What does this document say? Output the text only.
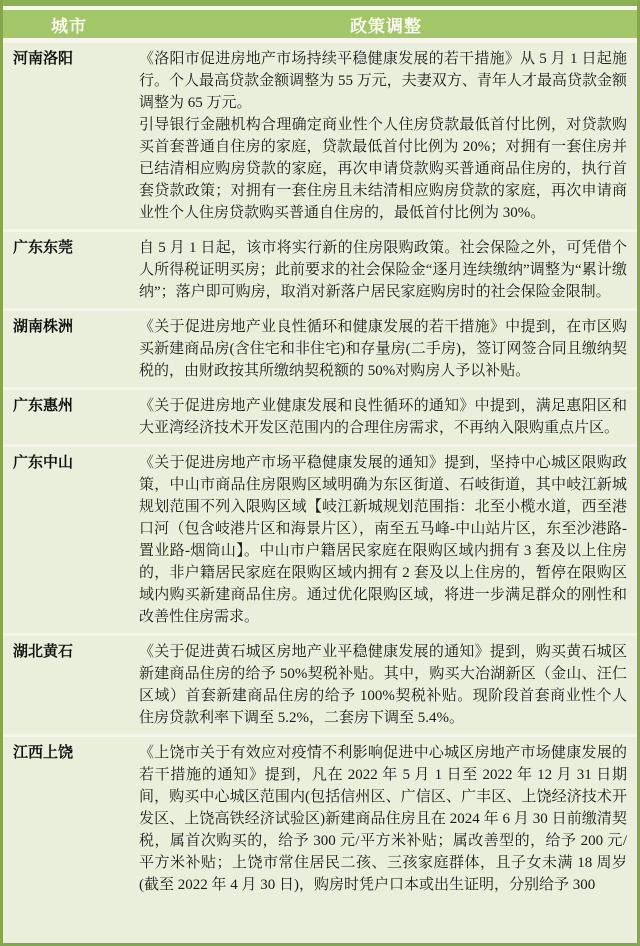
城市	政策调整
河南洛阳	《洛阳市促进房地产市场持续平稳健康发展的若干措施》从 5 月 1 日起施行。个人最高贷款金额调整为 55 万元，夫妻双方、青年人才最高贷款金额调整为 65 万元。

引导银行金融机构合理确定商业性个人住房贷款最低首付比例，对贷款购买首套普通自住房的家庭，贷款最低首付比例为 20%；对拥有一套住房并已结清相应购房贷款的家庭，再次申请贷款购买普通商品住房的，执行首套贷款政策；对拥有一套住房且未结清相应购房贷款的家庭，再次申请商业性个人住房贷款购买普通自住房的，最低首付比例为 30%。

广东东莞	自 5 月 1 日起，该市将实行新的住房限购政策。社会保险之外，可凭借个人所得税证明买房；此前要求的社会保险金“逐月连续缴纳”调整为“累计缴纳”；落户即可购房，取消对新落户居民家庭购房时的社会保险金限制。

湖南株洲	《关于促进房地产业良性循环和健康发展的若干措施》中提到，在市区购买新建商品房(含住宅和非住宅)和存量房(二手房)，签订网签合同且缴纳契税的，由财政按其所缴纳契税额的 50%对购房人予以补贴。

广东惠州	《关于促进房地产业健康发展和良性循环的通知》中提到，满足惠阳区和大亚湾经济技术开发区范围内的合理住房需求，不再纳入限购重点片区。

广东中山	《关于促进房地产市场平稳健康发展的通知》提到，坚持中心城区限购政策，中山市商品住房限购区域明确为东区街道、石岐街道，其中岐江新城规划范围不列入限购区域【岐江新城规划范围指：北至小榄水道，西至港口河（包含岐港片区和海景片区），南至五马峰-中山站片区，东至沙港路-置业路-烟筒山】。中山市户籍居民家庭在限购区域内拥有 3 套及以上住房的，非户籍居民家庭在限购区域内拥有 2 套及以上住房的，暂停在限购区域内购买新建商品住房。通过优化限购区域，将进一步满足群众的刚性和改善性住房需求。

湖北黄石	《关于促进黄石城区房地产业平稳健康发展的通知》提到，购买黄石城区新建商品住房的给予 50%契税补贴。其中，购买大冶湖新区（金山、汪仁区域）首套新建商品住房的给予 100%契税补贴。现阶段首套商业性个人住房贷款利率下调至 5.2%，二套房下调至 5.4%。

江西上饶	《上饶市关于有效应对疫情不利影响促进中心城区房地产市场健康发展的若干措施的通知》提到，凡在 2022 年 5 月 1 日至 2022 年 12 月 31 日期间，购买中心城区范围内(包括信州区、广信区、广丰区、上饶经济技术开发区、上饶高铁经济试验区)新建商品住房且在 2024 年 6 月 30 日前缴清契税，属首次购买的，给予 300 元/平方米补贴；属改善型的，给予 200 元/平方米补贴；上饶市常住居民二孩、三孩家庭群体，且子女未满 18 周岁(截至 2022 年 4 月 30 日)，购房时凭户口本或出生证明，分别给予 300
